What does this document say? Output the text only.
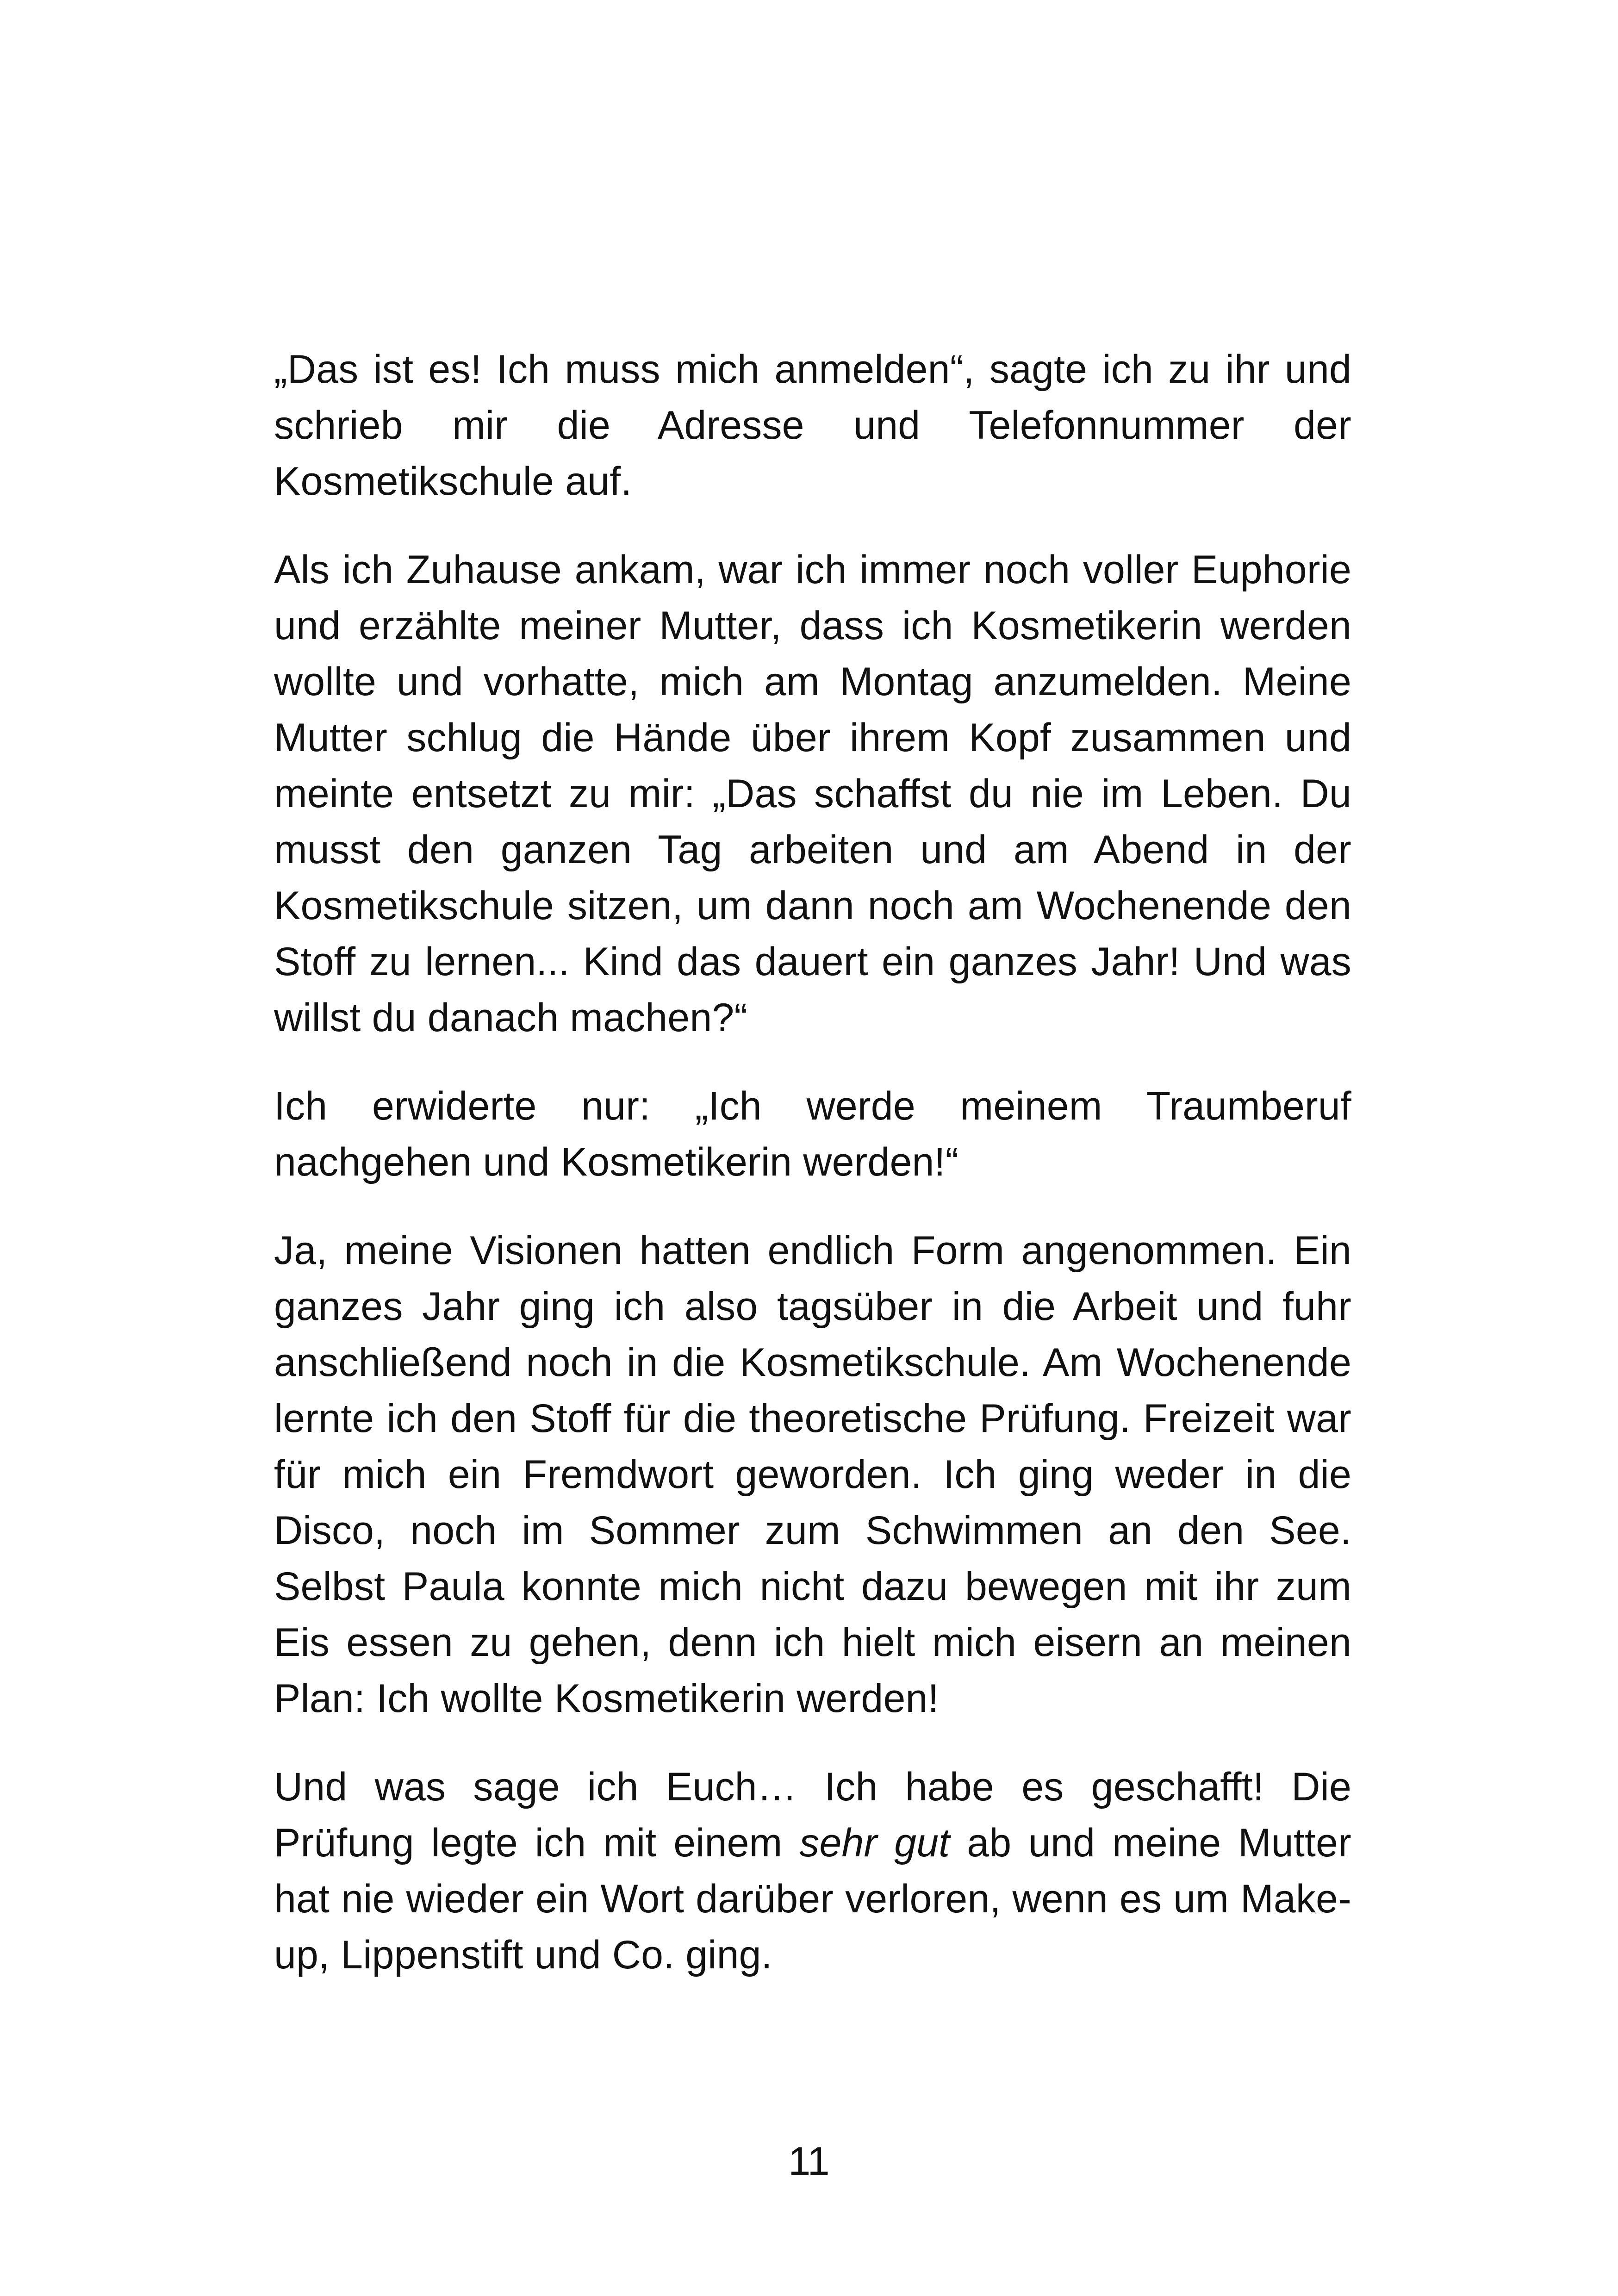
„Das ist es! Ich muss mich anmelden“, sagte ich zu ihr und schrieb mir die Adresse und Telefonnummer der Kosmetikschule auf.

Als ich Zuhause ankam, war ich immer noch voller Euphorie und erzählte meiner Mutter, dass ich Kosmetikerin werden wollte und vorhatte, mich am Montag anzumelden. Meine Mutter schlug die Hände über ihrem Kopf zusammen und meinte entsetzt zu mir: „Das schaffst du nie im Leben. Du musst den ganzen Tag arbeiten und am Abend in der Kosmetikschule sitzen, um dann noch am Wochenende den Stoff zu lernen... Kind das dauert ein ganzes Jahr! Und was willst du danach machen?“

Ich erwiderte nur: „Ich werde meinem Traumberuf nachgehen und Kosmetikerin werden!“

Ja, meine Visionen hatten endlich Form angenommen. Ein ganzes Jahr ging ich also tagsüber in die Arbeit und fuhr anschließend noch in die Kosmetikschule. Am Wochenende lernte ich den Stoff für die theoretische Prüfung. Freizeit war für mich ein Fremdwort geworden. Ich ging weder in die Disco, noch im Sommer zum Schwimmen an den See. Selbst Paula konnte mich nicht dazu bewegen mit ihr zum Eis essen zu gehen, denn ich hielt mich eisern an meinen Plan: Ich wollte Kosmetikerin werden!

Und was sage ich Euch… Ich habe es geschafft! Die Prüfung legte ich mit einem sehr gut ab und meine Mutter hat nie wieder ein Wort darüber verloren, wenn es um Make-up, Lippenstift und Co. ging.

11
